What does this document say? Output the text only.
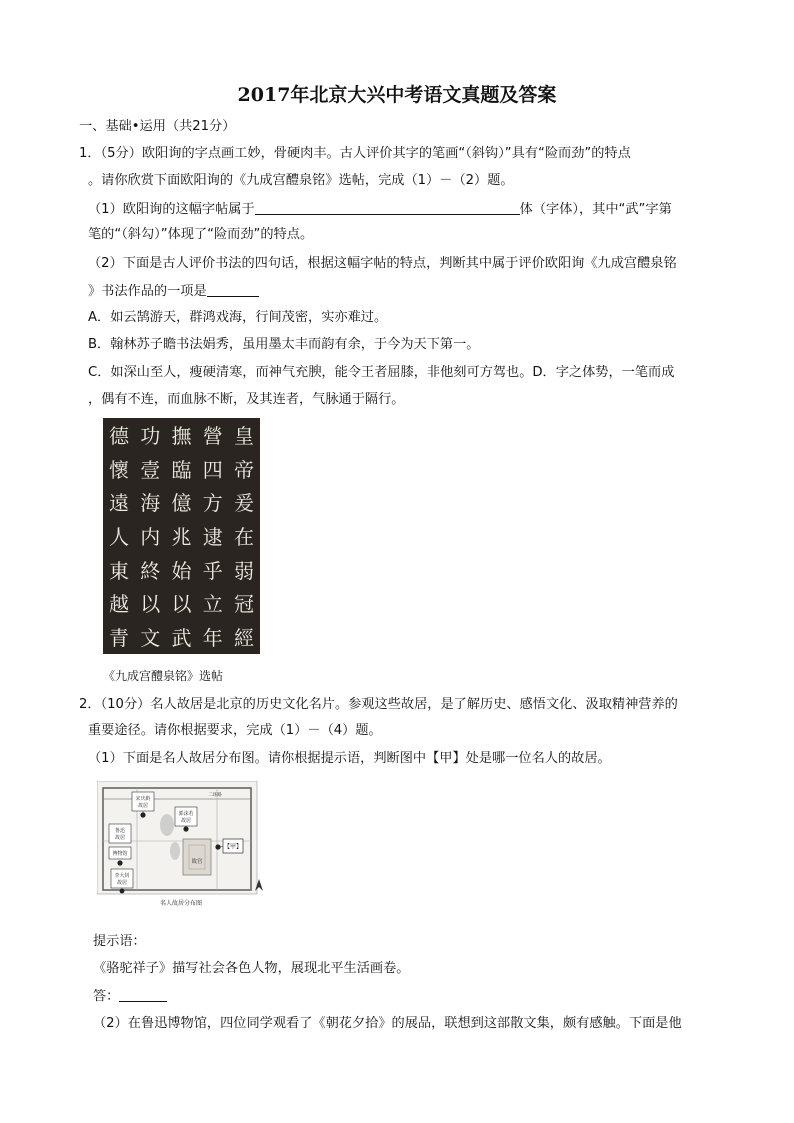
2017年北京大兴中考语文真题及答案
一、基础•运用（共21分）
1．（5分）欧阳询的字点画工妙，骨硬肉丰。古人评价其字的笔画“（斜钩）”具有“险而劲”的特点
。请你欣赏下面欧阳询的《九成宫醴泉铭》选帖，完成（1）－（2）题。
（1）欧阳询的这幅字帖属于	体（字体），其中“武”字第
笔的“（斜勾）”体现了“险而劲”的特点。
（2）下面是古人评价书法的四句话，根据这幅字帖的特点，判断其中属于评价欧阳询《九成宫醴泉铭
》书法作品的一项是
A．如云鹄游天，群鸿戏海，行间茂密，实亦难过。
B．翰林苏子瞻书法娟秀，虽用墨太丰而韵有余，于今为天下第一。
C．如深山至人，瘦硬清寒，而神气充腴，能令王者屈膝，非他刻可方驾也。D．字之体势，一笔而成
，偶有不连，而血脉不断，及其连者，气脉通于隔行。
皇
帝
爰
在
弱
冠
經
營
四
方
逮
乎
立
年
撫
臨
億
兆
始
以
武
功
壹
海
内
終
以
文
德
懷
遠
人
東
越
青
《九成宫醴泉铭》选帖
2．（10分）名人故居是北京的历史文化名片。参观这些故居，是了解历史、感悟文化、汲取精神营养的
重要途径。请你根据要求，完成（1）－（4）题。
（1）下面是名人故居分布图。请你根据提示语，判断图中【甲】处是哪一位名人的故居。
宋庆龄
故居
郭沫若
故居
鲁迅
故居
博物馆
李大钊
故居
【甲】
故宫
二环路
名人故居分布图
提示语：
《骆驼祥子》描写社会各色人物，展现北平生活画卷。
答：
（2）在鲁迅博物馆，四位同学观看了《朝花夕拾》的展品，联想到这部散文集，颇有感触。下面是他
